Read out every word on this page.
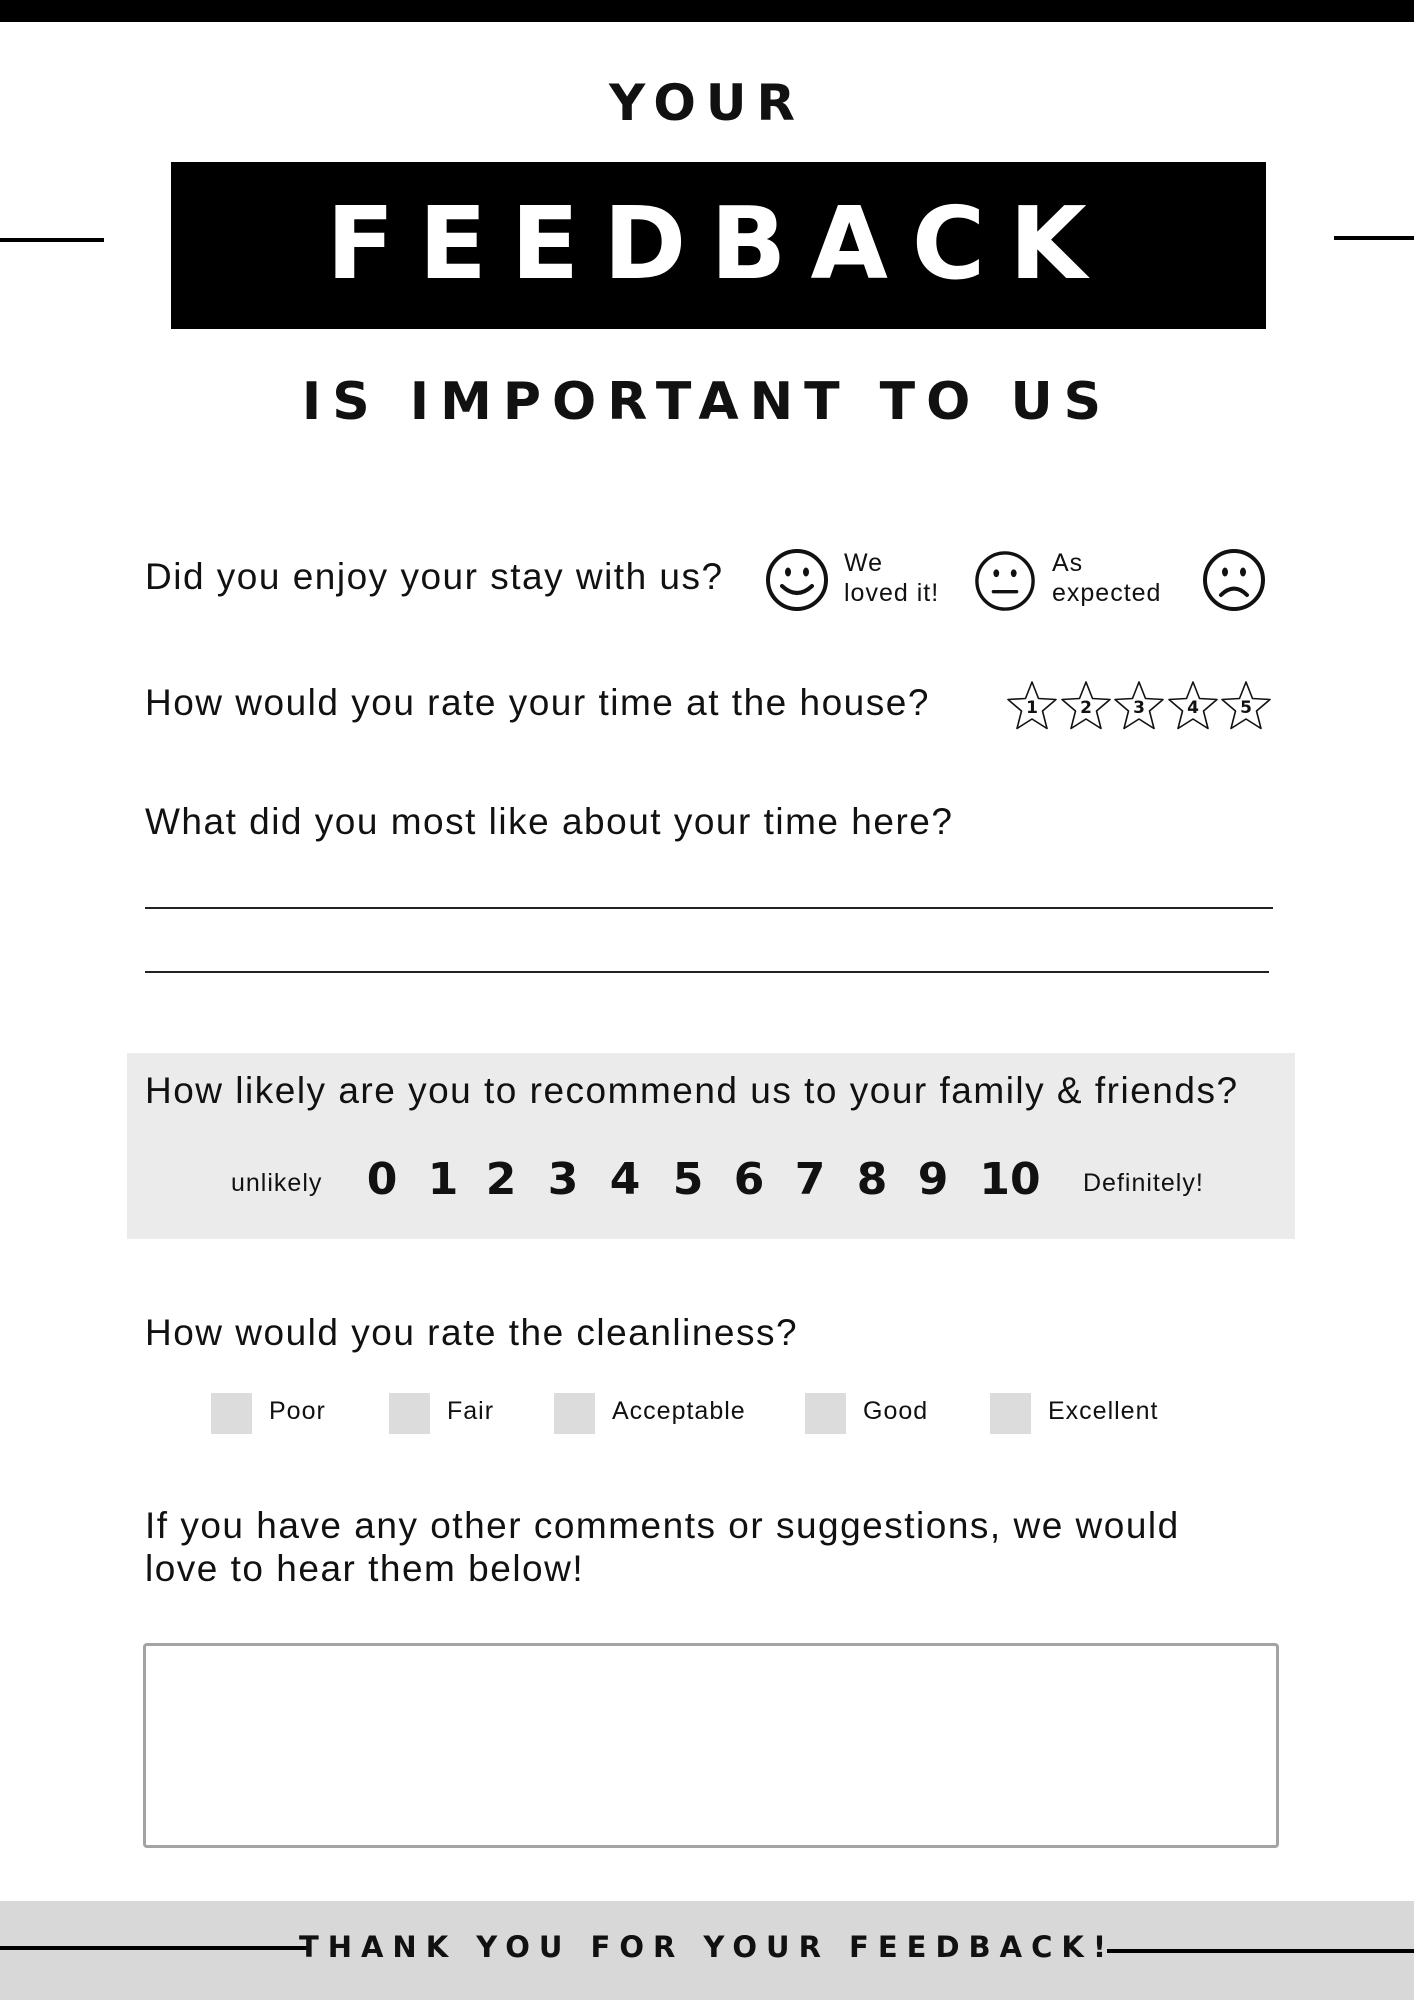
YOUR
FEEDBACK
IS IMPORTANT TO US
Did you enjoy your stay with us?	We
loved it!
As
expected
How would you rate your time at the house?	1 2 3 4 5
What did you most like about your time here?
How likely are you to recommend us to your family & friends?
unlikely	Definitely!
0 1 2 3 4 5 6 7 8 9 10
How would you rate the cleanliness?
Poor	Fair	Acceptable	Good	Excellent
If you have any other comments or suggestions, we would
love to hear them below!
THANK YOU FOR YOUR FEEDBACK!
